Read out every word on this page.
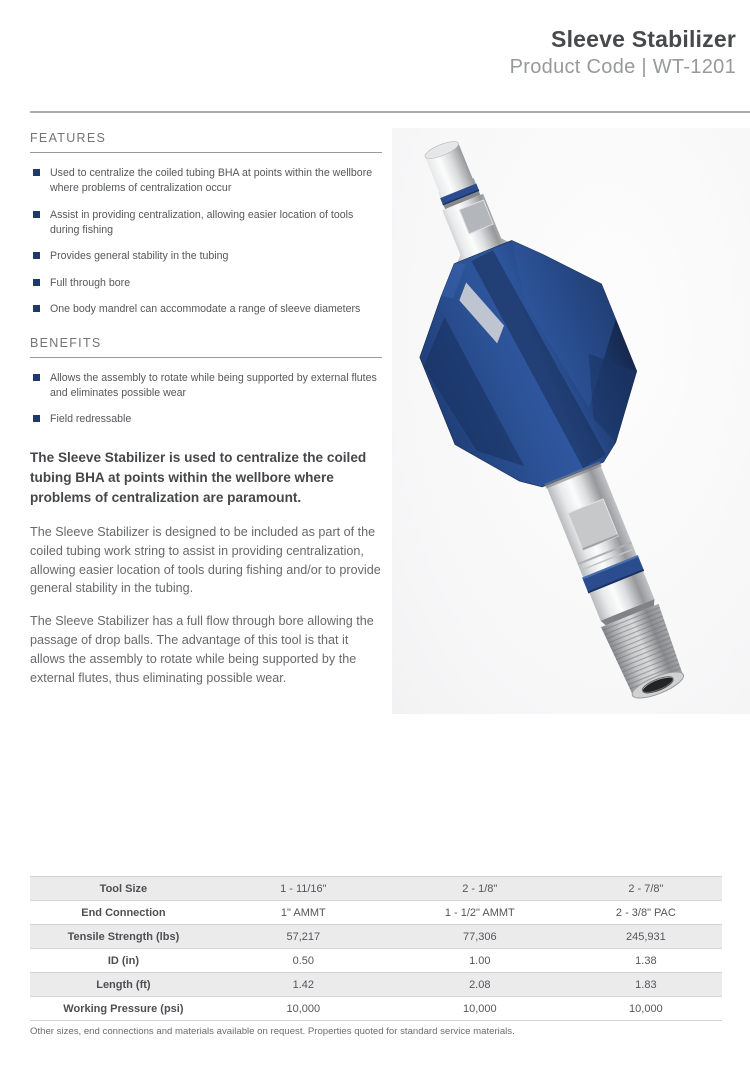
Sleeve Stabilizer
Product Code | WT-1201
FEATURES
Used to centralize the coiled tubing BHA at points within the wellbore where problems of centralization occur
Assist in providing centralization, allowing easier location of tools during fishing
Provides general stability in the tubing
Full through bore
One body mandrel can accommodate a range of sleeve diameters
BENEFITS
Allows the assembly to rotate while being supported by external flutes and eliminates possible wear
Field redressable
The Sleeve Stabilizer is used to centralize the coiled tubing BHA at points within the wellbore where problems of centralization are paramount.
The Sleeve Stabilizer is designed to be included as part of the coiled tubing work string to assist in providing centralization, allowing easier location of tools during fishing and/or to provide general stability in the tubing.
The Sleeve Stabilizer has a full flow through bore allowing the passage of drop balls. The advantage of this tool is that it allows the assembly to rotate while being supported by the external flutes, thus eliminating possible wear.
Tool Size	1 - 11/16"	2 - 1/8"	2 - 7/8"
End Connection	1" AMMT	1 - 1/2" AMMT	2 - 3/8" PAC
Tensile Strength (lbs)	57,217	77,306	245,931
ID (in)	0.50	1.00	1.38
Length (ft)	1.42	2.08	1.83
Working Pressure (psi)	10,000	10,000	10,000
Other sizes, end connections and materials available on request. Properties quoted for standard service materials.
